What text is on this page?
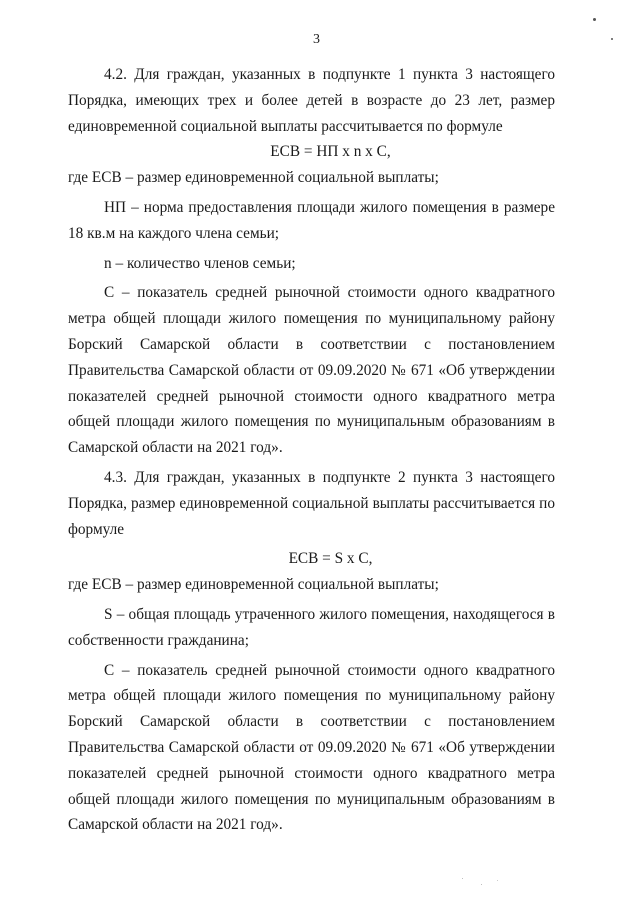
3

4.2. Для граждан, указанных в подпункте 1 пункта 3 настоящего Порядка, имеющих трех и более детей в возрасте до 23 лет, размер единовременной социальной выплаты рассчитывается по формуле

ЕСВ = НП x n x С,

где ЕСВ – размер единовременной социальной выплаты;

НП – норма предоставления площади жилого помещения в размере 18 кв.м на каждого члена семьи;

n – количество членов семьи;

С – показатель средней рыночной стоимости одного квадратного метра общей площади жилого помещения по муниципальному району Борский Самарской области в соответствии с постановлением Правительства Самарской области от 09.09.2020 № 671 «Об утверждении показателей средней рыночной стоимости одного квадратного метра общей площади жилого помещения по муниципальным образованиям в Самарской области на 2021 год».

4.3. Для граждан, указанных в подпункте 2 пункта 3 настоящего Порядка, размер единовременной социальной выплаты рассчитывается по формуле

ЕСВ = S x С,

где ЕСВ – размер единовременной социальной выплаты;

S – общая площадь утраченного жилого помещения, находящегося в собственности гражданина;

С – показатель средней рыночной стоимости одного квадратного метра общей площади жилого помещения по муниципальному району Борский Самарской области в соответствии с постановлением Правительства Самарской области от 09.09.2020 № 671 «Об утверждении показателей средней рыночной стоимости одного квадратного метра общей площади жилого помещения по муниципальным образованиям в Самарской области на 2021 год».
